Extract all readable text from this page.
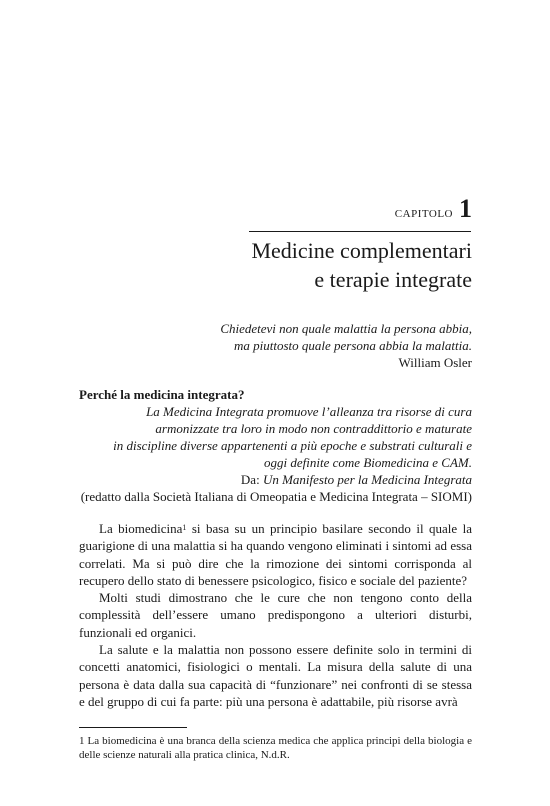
CAPITOLO 1
Medicine complementari
e terapie integrate
Chiedetevi non quale malattia la persona abbia,
ma piuttosto quale persona abbia la malattia.
William Osler
Perché la medicina integrata?
La Medicina Integrata promuove l’alleanza tra risorse di cura
armonizzate tra loro in modo non contraddittorio e maturate
in discipline diverse appartenenti a più epoche e substrati culturali e
oggi definite come Biomedicina e CAM.
Da: Un Manifesto per la Medicina Integrata
(redatto dalla Società Italiana di Omeopatia e Medicina Integrata – SIOMI)

La biomedicina$^1$ si basa su un principio basilare secondo il quale la guarigione di una malattia si ha quando vengono eliminati i sintomi ad essa correlati. Ma si può dire che la rimozione dei sintomi corrisponda al recupero dello stato di benessere psicologico, fisico e sociale del paziente?

Molti studi dimostrano che le cure che non tengono conto della complessità dell’essere umano predispongono a ulteriori disturbi, funzionali ed organici.

La salute e la malattia non possono essere definite solo in termini di concetti anatomici, fisiologici o mentali. La misura della salute di una persona è data dalla sua capacità di “funzionare” nei confronti di se stessa e del gruppo di cui fa parte: più una persona è adattabile, più risorse avrà

1 La biomedicina è una branca della scienza medica che applica principi della biologia e delle scienze naturali alla pratica clinica, N.d.R.
